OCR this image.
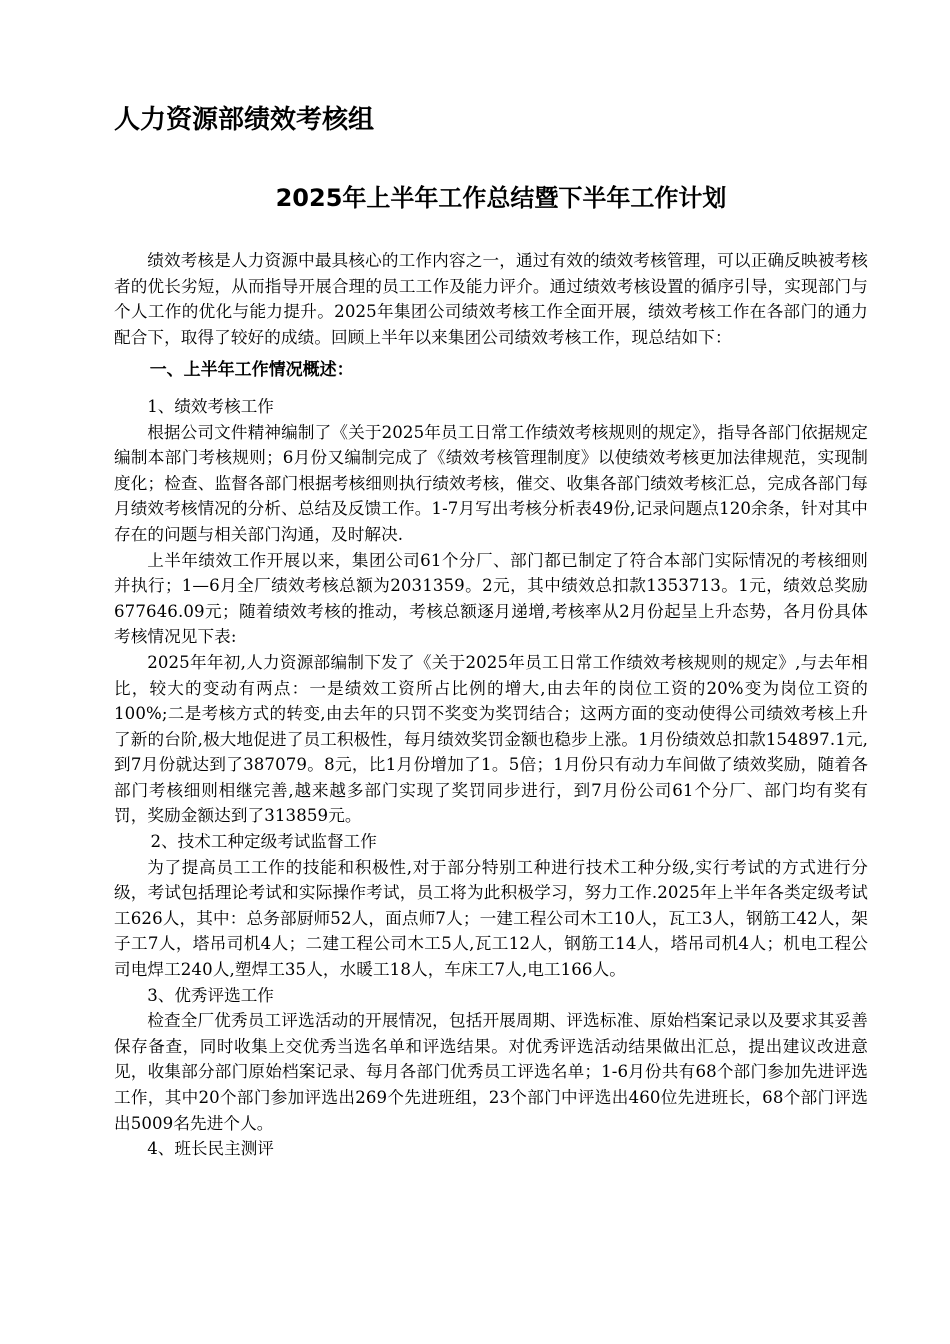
人力资源部绩效考核组
2025年上半年工作总结暨下半年工作计划

绩效考核是人力资源中最具核心的工作内容之一，通过有效的绩效考核管理，可以正确反映被考核者的优长劣短，从而指导开展合理的员工工作及能力评介。通过绩效考核设置的循序引导，实现部门与个人工作的优化与能力提升。2025年集团公司绩效考核工作全面开展，绩效考核工作在各部门的通力配合下，取得了较好的成绩。回顾上半年以来集团公司绩效考核工作，现总结如下：

一、上半年工作情况概述：
1、绩效考核工作

根据公司文件精神编制了《关于2025年员工日常工作绩效考核规则的规定》，指导各部门依据规定编制本部门考核规则；6月份又编制完成了《绩效考核管理制度》以使绩效考核更加法律规范，实现制度化；检查、监督各部门根据考核细则执行绩效考核，催交、收集各部门绩效考核汇总，完成各部门每月绩效考核情况的分析、总结及反馈工作。1-7月写出考核分析表49份,记录问题点120余条，针对其中存在的问题与相关部门沟通，及时解决.

上半年绩效工作开展以来，集团公司61个分厂、部门都已制定了符合本部门实际情况的考核细则并执行；1—6月全厂绩效考核总额为2031359。2元，其中绩效总扣款1353713。1元，绩效总奖励677646.09元；随着绩效考核的推动，考核总额逐月递增,考核率从2月份起呈上升态势，各月份具体考核情况见下表:

2025年年初,人力资源部编制下发了《关于2025年员工日常工作绩效考核规则的规定》,与去年相比，较大的变动有两点：一是绩效工资所占比例的增大,由去年的岗位工资的20%变为岗位工资的100%;二是考核方式的转变,由去年的只罚不奖变为奖罚结合；这两方面的变动使得公司绩效考核上升了新的台阶,极大地促进了员工积极性，每月绩效奖罚金额也稳步上涨。1月份绩效总扣款154897.1元,到7月份就达到了387079。8元，比1月份增加了1。5倍；1月份只有动力车间做了绩效奖励，随着各部门考核细则相继完善,越来越多部门实现了奖罚同步进行，到7月份公司61个分厂、部门均有奖有罚，奖励金额达到了313859元。

2、技术工种定级考试监督工作

为了提高员工工作的技能和积极性,对于部分特别工种进行技术工种分级,实行考试的方式进行分级，考试包括理论考试和实际操作考试，员工将为此积极学习，努力工作.2025年上半年各类定级考试工626人，其中：总务部厨师52人，面点师7人；一建工程公司木工10人，瓦工3人，钢筋工42人，架子工7人，塔吊司机4人；二建工程公司木工5人,瓦工12人，钢筋工14人，塔吊司机4人；机电工程公司电焊工240人,塑焊工35人，水暖工18人，车床工7人,电工166人。

3、优秀评选工作

检查全厂优秀员工评选活动的开展情况，包括开展周期、评选标准、原始档案记录以及要求其妥善保存备查，同时收集上交优秀当选名单和评选结果。对优秀评选活动结果做出汇总，提出建议改进意见，收集部分部门原始档案记录、每月各部门优秀员工评选名单；1-6月份共有68个部门参加先进评选工作，其中20个部门参加评选出269个先进班组，23个部门中评选出460位先进班长，68个部门评选出5009名先进个人。

4、班长民主测评
